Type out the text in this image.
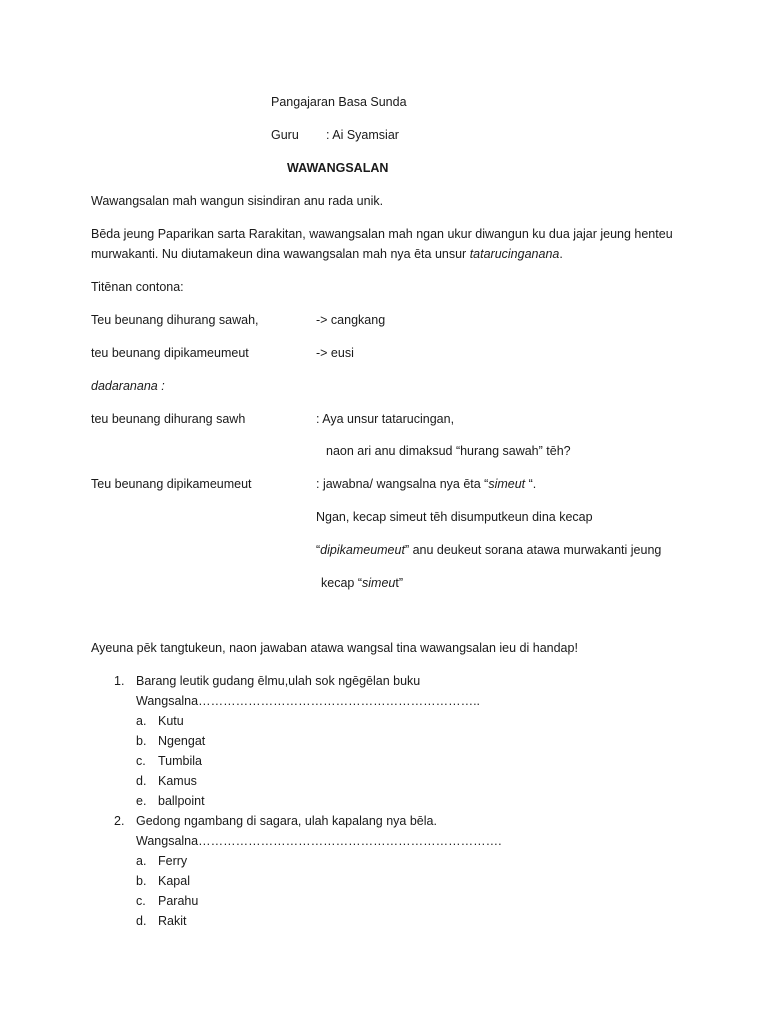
Pangajaran Basa Sunda
Guru : Ai Syamsiar
WAWANGSALAN
Wawangsalan mah wangun sisindiran anu rada unik.
Bēda jeung Paparikan sarta Rarakitan, wawangsalan mah ngan ukur diwangun ku dua jajar jeung henteu
murwakanti. Nu diutamakeun dina wawangsalan mah nya ēta unsur tatarucinganana.
Titēnan contona:
Teu beunang dihurang sawah,	-> cangkang
teu beunang dipikameumeut	-> eusi
dadaranana :
teu beunang dihurang sawh	: Aya unsur tatarucingan,
naon ari anu dimaksud “hurang sawah” tēh?
Teu beunang dipikameumeut	: jawabna/ wangsalna nya ēta “simeut “.
Ngan, kecap simeut tēh disumputkeun dina kecap
“dipikameumeut” anu deukeut sorana atawa murwakanti jeung
kecap “simeut”
Ayeuna pēk tangtukeun, naon jawaban atawa wangsal tina wawangsalan ieu di handap!
1. Barang leutik gudang ēlmu,ulah sok ngēgēlan buku
Wangsalna…………………………………………………………..
a. Kutu
b. Ngengat
c. Tumbila
d. Kamus
e. ballpoint
2. Gedong ngambang di sagara, ulah kapalang nya bēla.
Wangsalna……………………………………………………………….
a. Ferry
b. Kapal
c. Parahu
d. Rakit
